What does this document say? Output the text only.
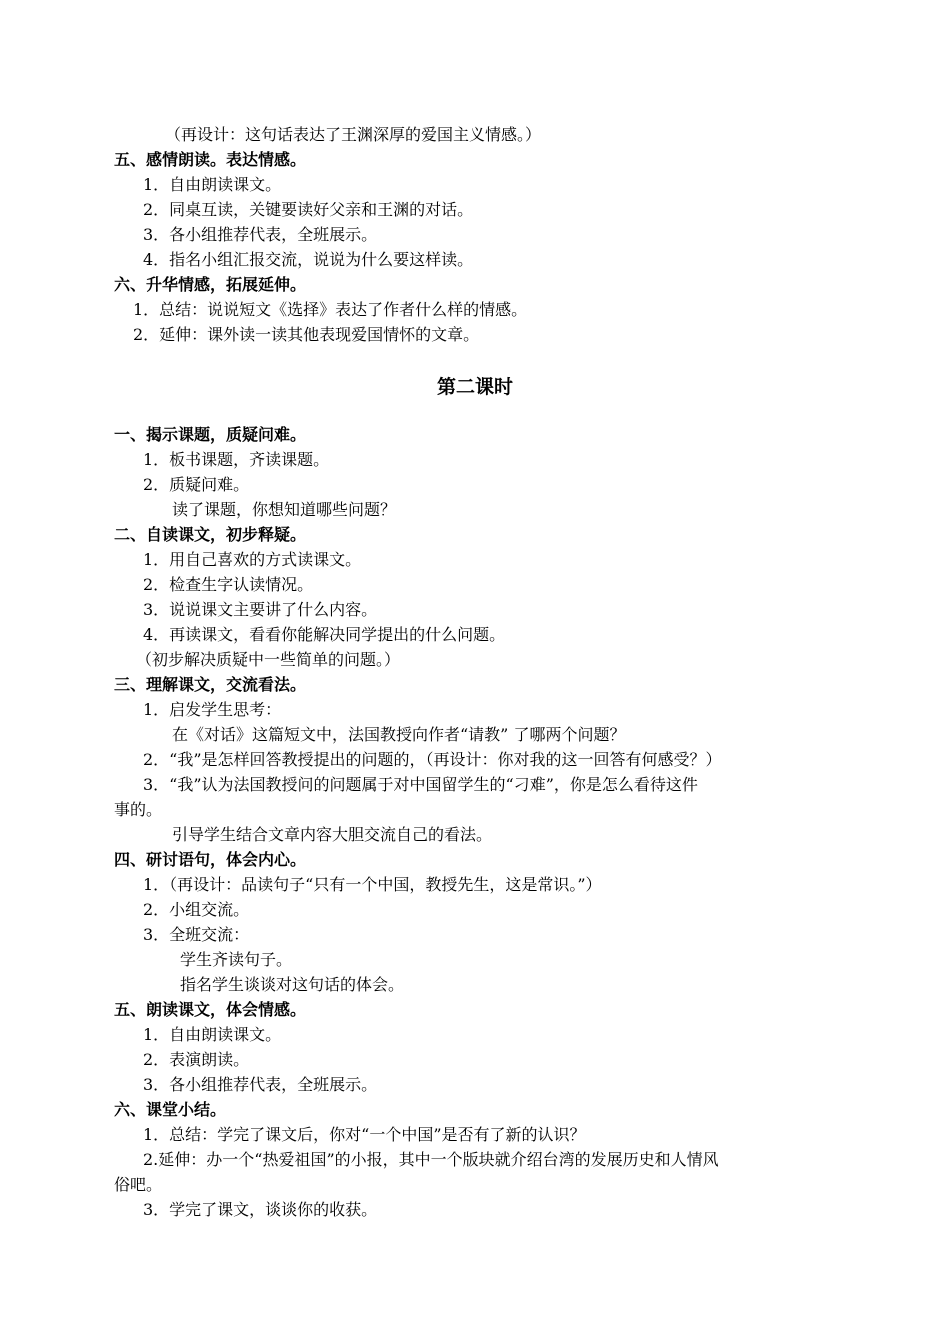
（再设计：这句话表达了王渊深厚的爱国主义情感。）
五、感情朗读。表达情感。
1．自由朗读课文。
2．同桌互读，关键要读好父亲和王渊的对话。
3．各小组推荐代表，全班展示。
4．指名小组汇报交流，说说为什么要这样读。
六、升华情感，拓展延伸。
1．总结：说说短文《选择》表达了作者什么样的情感。
2．延伸：课外读一读其他表现爱国情怀的文章。
第二课时
一、揭示课题，质疑问难。
1．板书课题，齐读课题。
2．质疑问难。
读了课题，你想知道哪些问题？
二、自读课文，初步释疑。
1．用自己喜欢的方式读课文。
2．检查生字认读情况。
3．说说课文主要讲了什么内容。
4．再读课文，看看你能解决同学提出的什么问题。
（初步解决质疑中一些简单的问题。）
三、理解课文，交流看法。
1．启发学生思考：
在《对话》这篇短文中，法国教授向作者“请教” 了哪两个问题？
2．“我”是怎样回答教授提出的问题的，（再设计：你对我的这一回答有何感受？）
3．“我”认为法国教授问的问题属于对中国留学生的“刁难”，你是怎么看待这件
事的。
引导学生结合文章内容大胆交流自己的看法。
四、研讨语句，体会内心。
1．（再设计：品读句子“只有一个中国，教授先生，这是常识。”）
2．小组交流。
3．全班交流：
学生齐读句子。
指名学生谈谈对这句话的体会。
五、朗读课文，体会情感。
1．自由朗读课文。
2．表演朗读。
3．各小组推荐代表，全班展示。
六、课堂小结。
1．总结：学完了课文后，你对“一个中国”是否有了新的认识？
2.延伸：办一个“热爱祖国”的小报，其中一个版块就介绍台湾的发展历史和人情风
俗吧。
3．学完了课文，谈谈你的收获。
